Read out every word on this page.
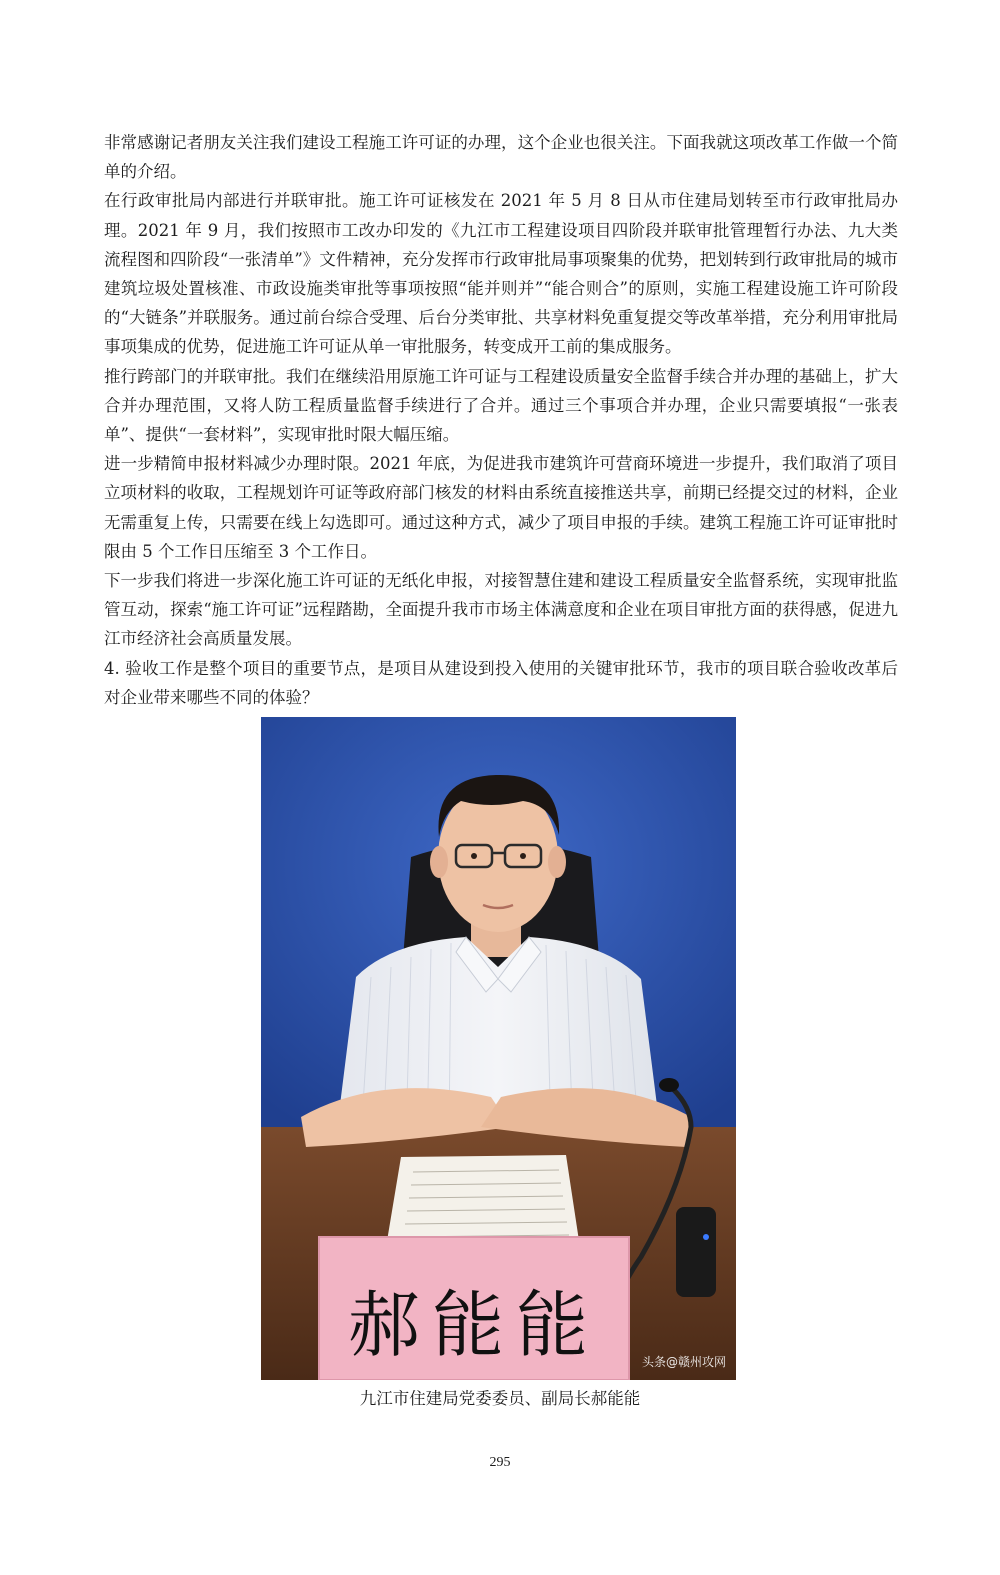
非常感谢记者朋友关注我们建设工程施工许可证的办理，这个企业也很关注。下面我就这项改革工作做一个简单的介绍。

在行政审批局内部进行并联审批。施工许可证核发在 2021 年 5 月 8 日从市住建局划转至市行政审批局办理。2021 年 9 月，我们按照市工改办印发的《九江市工程建设项目四阶段并联审批管理暂行办法、九大类流程图和四阶段“一张清单”》文件精神，充分发挥市行政审批局事项聚集的优势，把划转到行政审批局的城市建筑垃圾处置核准、市政设施类审批等事项按照“能并则并”“能合则合”的原则，实施工程建设施工许可阶段的“大链条”并联服务。通过前台综合受理、后台分类审批、共享材料免重复提交等改革举措，充分利用审批局事项集成的优势，促进施工许可证从单一审批服务，转变成开工前的集成服务。

推行跨部门的并联审批。我们在继续沿用原施工许可证与工程建设质量安全监督手续合并办理的基础上，扩大合并办理范围，又将人防工程质量监督手续进行了合并。通过三个事项合并办理，企业只需要填报“一张表单”、提供“一套材料”，实现审批时限大幅压缩。

进一步精简申报材料减少办理时限。2021 年底，为促进我市建筑许可营商环境进一步提升，我们取消了项目立项材料的收取，工程规划许可证等政府部门核发的材料由系统直接推送共享，前期已经提交过的材料，企业无需重复上传，只需要在线上勾选即可。通过这种方式，减少了项目申报的手续。建筑工程施工许可证审批时限由 5 个工作日压缩至 3 个工作日。

下一步我们将进一步深化施工许可证的无纸化申报，对接智慧住建和建设工程质量安全监督系统，实现审批监管互动，探索“施工许可证”远程踏勘，全面提升我市市场主体满意度和企业在项目审批方面的获得感，促进九江市经济社会高质量发展。

4. 验收工作是整个项目的重要节点，是项目从建设到投入使用的关键审批环节，我市的项目联合验收改革后对企业带来哪些不同的体验？

郝能能	头条@赣州攻网
九江市住建局党委委员、副局长郝能能
295
